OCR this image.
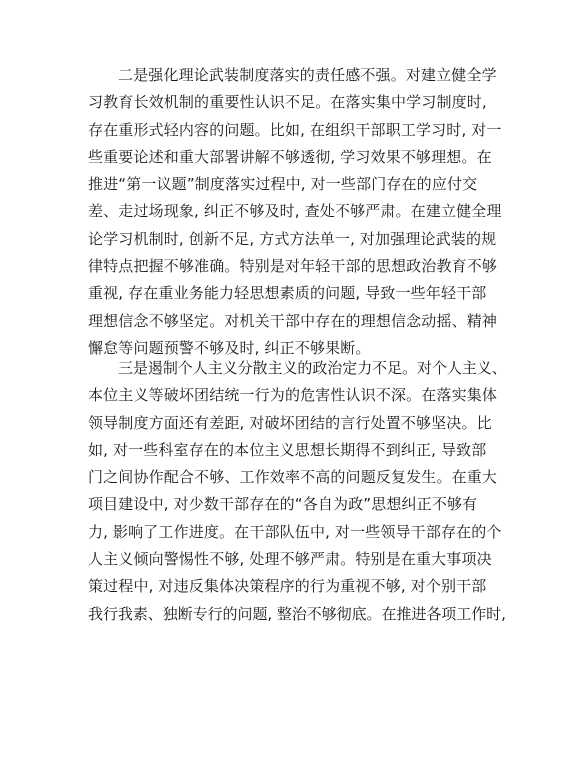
二是强化理论武装制度落实的责任感不强。对建立健全学
习教育长效机制的重要性认识不足。在落实集中学习制度时,
存在重形式轻内容的问题。比如, 在组织干部职工学习时, 对一
些重要论述和重大部署讲解不够透彻, 学习效果不够理想。在
推进“第一议题”制度落实过程中, 对一些部门存在的应付交
差、走过场现象, 纠正不够及时, 查处不够严肃。在建立健全理
论学习机制时, 创新不足, 方式方法单一, 对加强理论武装的规
律特点把握不够准确。特别是对年轻干部的思想政治教育不够
重视, 存在重业务能力轻思想素质的问题, 导致一些年轻干部
理想信念不够坚定。对机关干部中存在的理想信念动摇、精神
懈怠等问题预警不够及时, 纠正不够果断。
三是遏制个人主义分散主义的政治定力不足。对个人主义、
本位主义等破坏团结统一行为的危害性认识不深。在落实集体
领导制度方面还有差距, 对破坏团结的言行处置不够坚决。比
如, 对一些科室存在的本位主义思想长期得不到纠正, 导致部
门之间协作配合不够、工作效率不高的问题反复发生。在重大
项目建设中, 对少数干部存在的“各自为政”思想纠正不够有
力, 影响了工作进度。在干部队伍中, 对一些领导干部存在的个
人主义倾向警惕性不够, 处理不够严肃。特别是在重大事项决
策过程中, 对违反集体决策程序的行为重视不够, 对个别干部
我行我素、独断专行的问题, 整治不够彻底。在推进各项工作时,
